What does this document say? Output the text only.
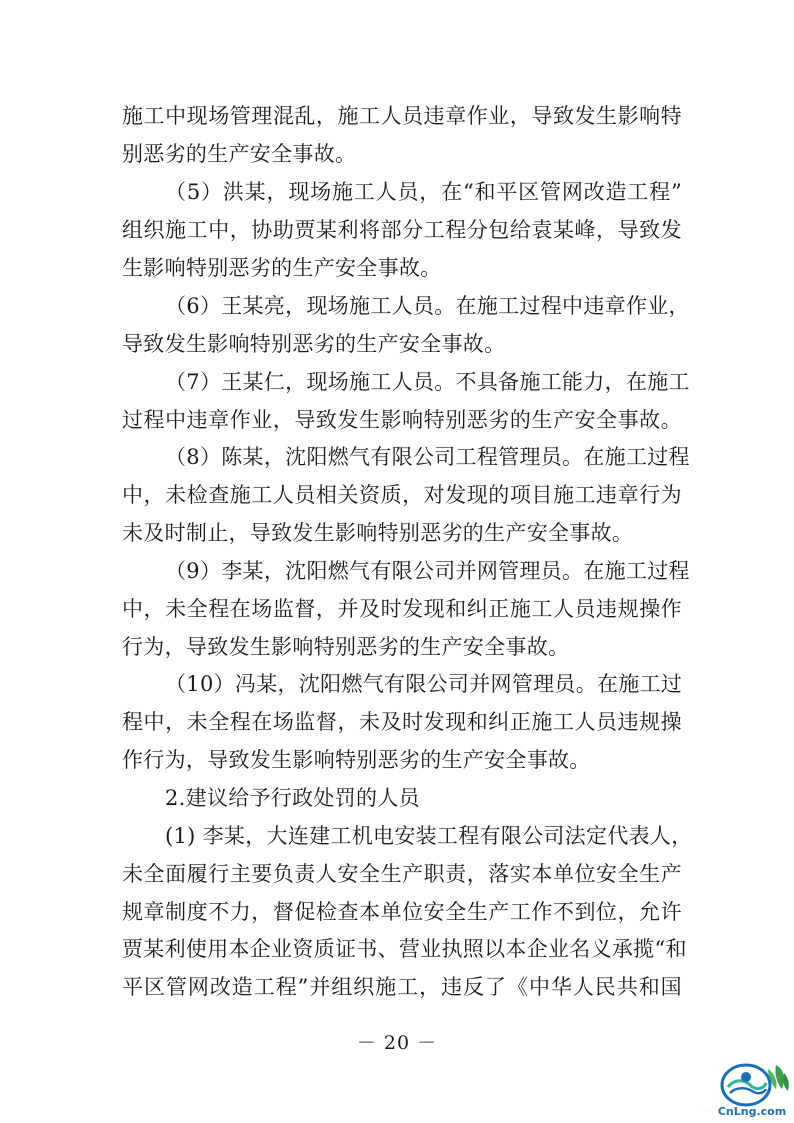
施工中现场管理混乱，施工人员违章作业，导致发生影响特
别恶劣的生产安全事故。
（5）洪某，现场施工人员，在“和平区管网改造工程”
组织施工中，协助贾某利将部分工程分包给袁某峰，导致发
生影响特别恶劣的生产安全事故。
（6）王某亮，现场施工人员。在施工过程中违章作业，
导致发生影响特别恶劣的生产安全事故。
（7）王某仁，现场施工人员。不具备施工能力，在施工
过程中违章作业，导致发生影响特别恶劣的生产安全事故。
（8）陈某，沈阳燃气有限公司工程管理员。在施工过程
中，未检查施工人员相关资质，对发现的项目施工违章行为
未及时制止，导致发生影响特别恶劣的生产安全事故。
（9）李某，沈阳燃气有限公司并网管理员。在施工过程
中，未全程在场监督，并及时发现和纠正施工人员违规操作
行为，导致发生影响特别恶劣的生产安全事故。
（10）冯某，沈阳燃气有限公司并网管理员。在施工过
程中，未全程在场监督，未及时发现和纠正施工人员违规操
作行为，导致发生影响特别恶劣的生产安全事故。
2.建议给予行政处罚的人员
(1) 李某，大连建工机电安装工程有限公司法定代表人，
未全面履行主要负责人安全生产职责，落实本单位安全生产
规章制度不力，督促检查本单位安全生产工作不到位，允许
贾某利使用本企业资质证书、营业执照以本企业名义承揽“和
平区管网改造工程”并组织施工，违反了《中华人民共和国
－ 20 －
CnLng.com
